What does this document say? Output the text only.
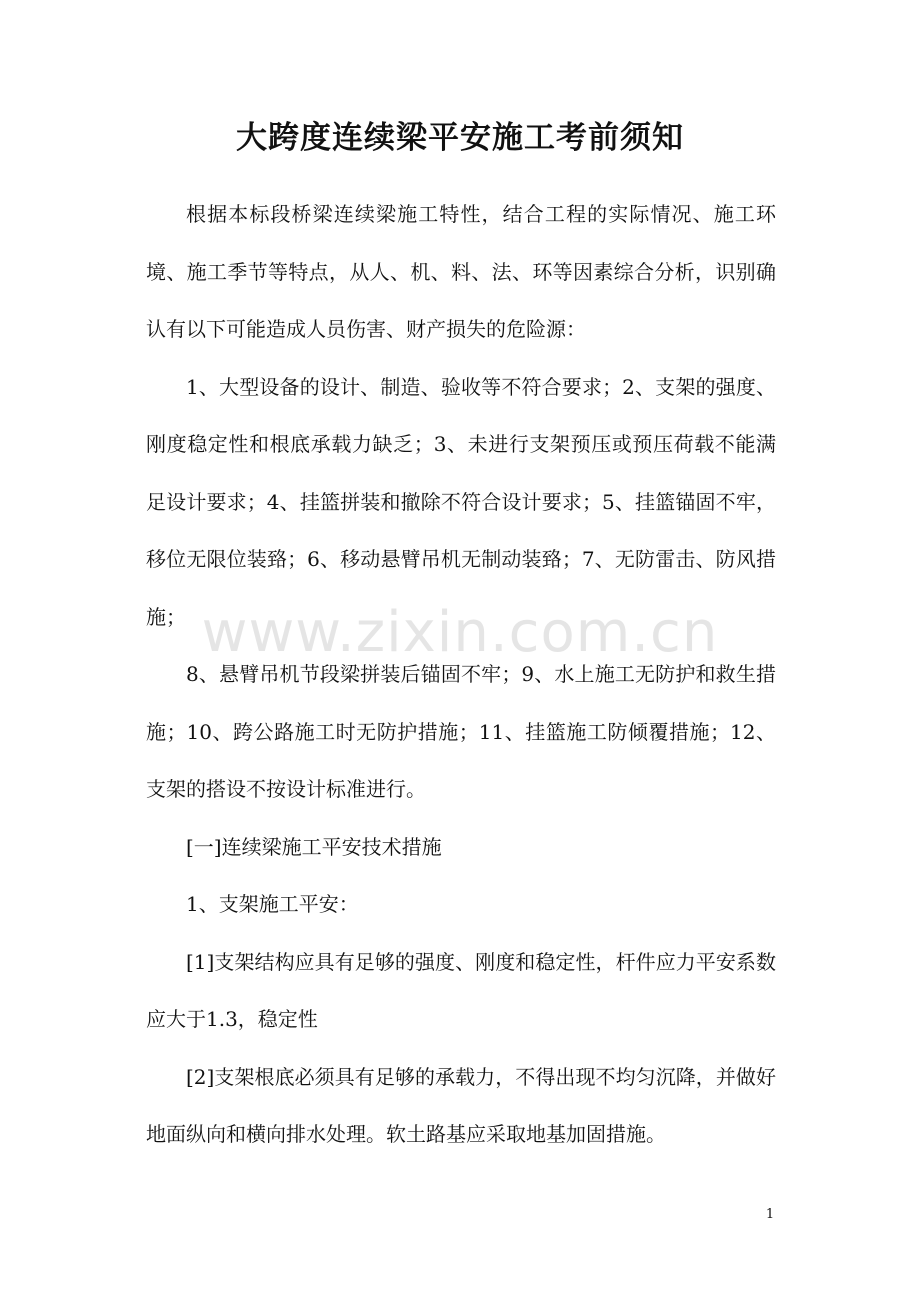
大跨度连续梁平安施工考前须知

根据本标段桥梁连续梁施工特性，结合工程的实际情况、施工环境、施工季节等特点，从人、机、料、法、环等因素综合分析，识别确认有以下可能造成人员伤害、财产损失的危险源：

1、大型设备的设计、制造、验收等不符合要求；2、支架的强度、刚度稳定性和根底承载力缺乏；3、未进行支架预压或预压荷载不能满足设计要求；4、挂篮拼装和撤除不符合设计要求；5、挂篮锚固不牢，移位无限位装臵；6、移动悬臂吊机无制动装臵；7、无防雷击、防风措施；

8、悬臂吊机节段梁拼装后锚固不牢；9、水上施工无防护和救生措施；10、跨公路施工时无防护措施；11、挂篮施工防倾覆措施；12、支架的搭设不按设计标准进行。

[一]连续梁施工平安技术措施

1、支架施工平安：

[1]支架结构应具有足够的强度、刚度和稳定性，杆件应力平安系数应大于1.3，稳定性

[2]支架根底必须具有足够的承载力，不得出现不均匀沉降，并做好地面纵向和横向排水处理。软土路基应采取地基加固措施。

www.zixin.com.cn
1
